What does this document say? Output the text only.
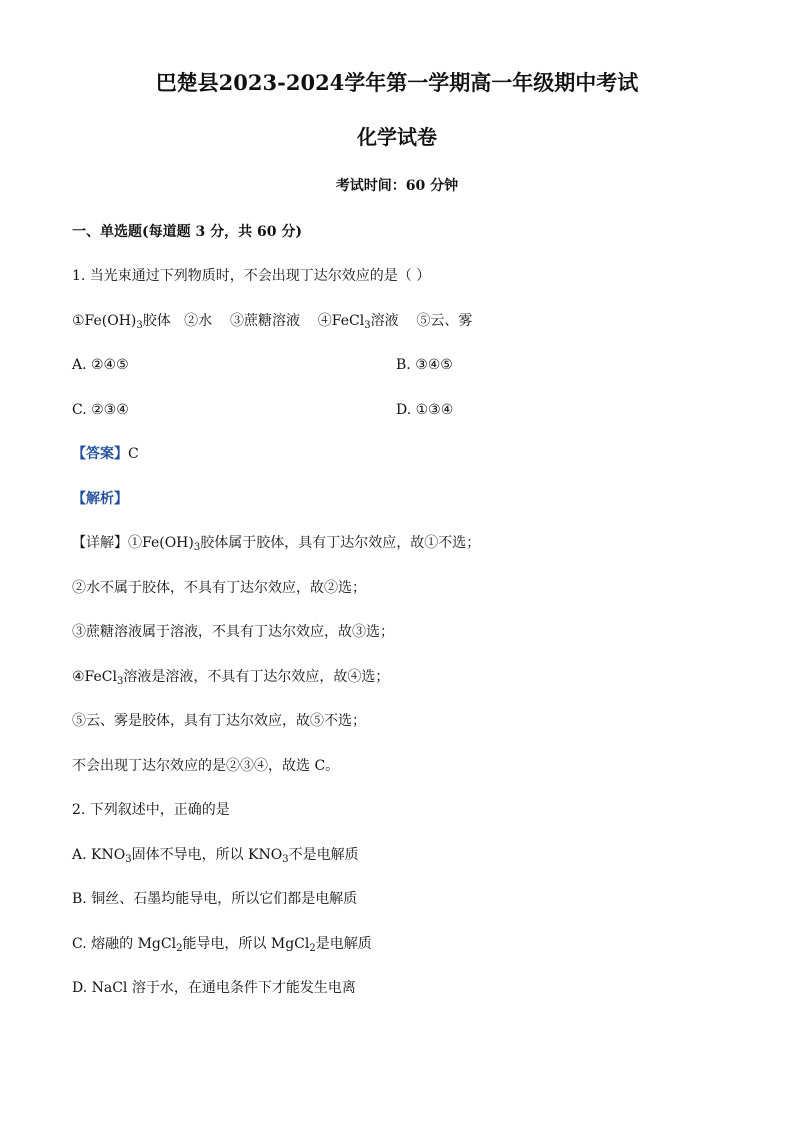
巴楚县2023-2024学年第一学期高一年级期中考试
化学试卷
考试时间：60 分钟
一、单选题(每道题 3 分，共 60 分)
1. 当光束通过下列物质时，不会出现丁达尔效应的是（ ）
$①Fe(OH)_3$胶体 ②水 ③蔗糖溶液 ④FeCl$_3$溶液 ⑤云、雾
A. ②④⑤	B. ③④⑤
C. ②③④	D. ①③④
【答案】C
【解析】
【详解】$①Fe(OH)_3$胶体属于胶体，具有丁达尔效应，故①不选；
②水不属于胶体，不具有丁达尔效应，故②选；
③蔗糖溶液属于溶液，不具有丁达尔效应，故③选；
④FeCl$_3$溶液是溶液，不具有丁达尔效应，故④选；
⑤云、雾是胶体，具有丁达尔效应，故⑤不选；
不会出现丁达尔效应的是②③④，故选 C。
2. 下列叙述中，正确的是
A. $KNO_3$固体不导电，所以 $KNO_3$不是电解质
B. 铜丝、石墨均能导电，所以它们都是电解质
C. 熔融的 MgCl$_2$能导电，所以 MgCl$_2$是电解质
D. NaCl 溶于水，在通电条件下才能发生电离
